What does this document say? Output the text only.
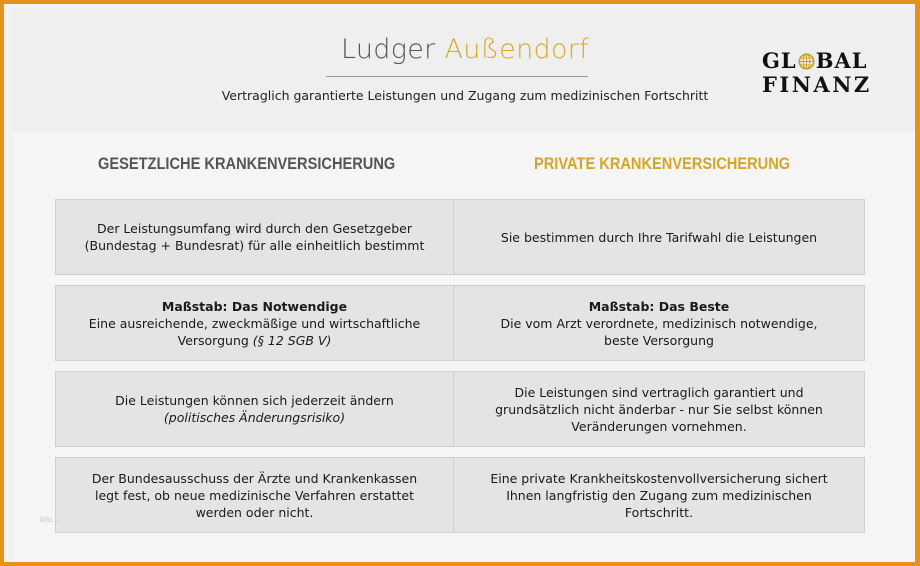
Ludger Außendorf
Vertraglich garantierte Leistungen und Zugang zum medizinischen Fortschritt
GL BAL
FINANZ
GESETZLICHE KRANKENVERSICHERUNG	PRIVATE KRANKENVERSICHERUNG
Der Leistungsumfang wird durch den Gesetzgeber
(Bundestag + Bundesrat) für alle einheitlich bestimmt
Sie bestimmen durch Ihre Tarifwahl die Leistungen
Maßstab: Das Notwendige
Eine ausreichende, zweckmäßige und wirtschaftliche
Versorgung (§ 12 SGB V)
Maßstab: Das Beste
Die vom Arzt verordnete, medizinisch notwendige,
beste Versorgung
Die Leistungen können sich jederzeit ändern
(politisches Änderungsrisiko)
Die Leistungen sind vertraglich garantiert und
grundsätzlich nicht änderbar - nur Sie selbst können
Veränderungen vornehmen.
Der Bundesausschuss der Ärzte und Krankenkassen
legt fest, ob neue medizinische Verfahren erstattet
werden oder nicht.
Eine private Krankheitskostenvollversicherung sichert
Ihnen langfristig den Zugang zum medizinischen
Fortschritt.
blo...
